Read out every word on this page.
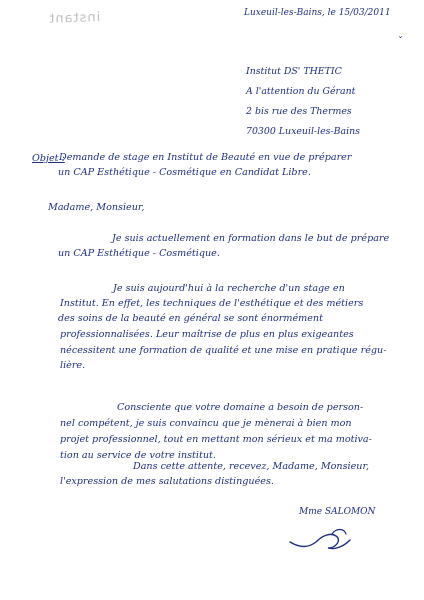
instant	Luxeuil-les-Bains, le 15/03/2011
ˇ
Institut DS' THETIC
A l'attention du Gérant
2 bis rue des Thermes
70300 Luxeuil-les-Bains
Objet :
Demande de stage en Institut de Beauté en vue de préparer
un CAP Esthétique - Cosmétique en Candidat Libre.
Madame, Monsieur,
Je suis actuellement en formation dans le but de prépare
un CAP Esthétique - Cosmétique.
Je suis aujourd'hui à la recherche d'un stage en
Institut. En effet, les techniques de l'esthétique et des métiers
des soins de la beauté en général se sont énormément
professionnalisées. Leur maîtrise de plus en plus exigeantes
nécessitent une formation de qualité et une mise en pratique régu-
lière.
Consciente que votre domaine a besoin de person-
nel compétent, je suis convaincu que je mènerai à bien mon
projet professionnel, tout en mettant mon sérieux et ma motiva-
tion au service de votre institut.
Dans cette attente, recevez, Madame, Monsieur,
l'expression de mes salutations distinguées.
Mme SALOMON
